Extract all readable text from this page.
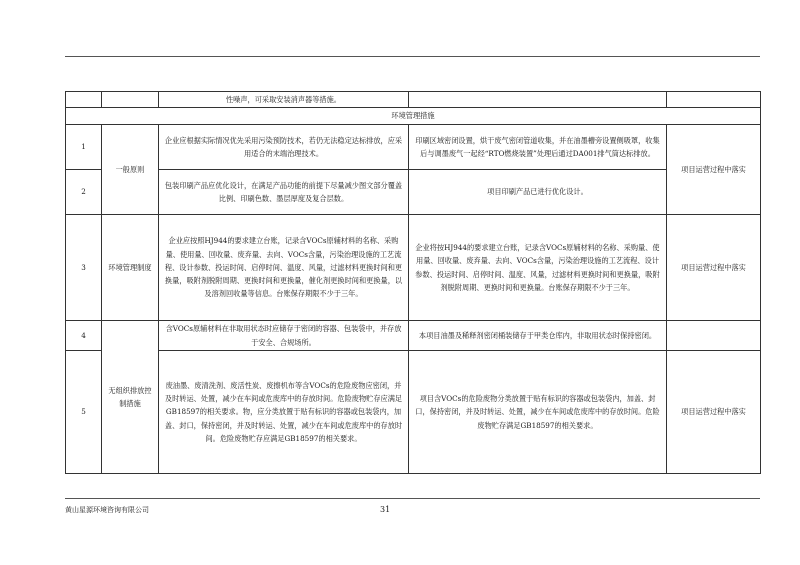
		性噪声，可采取安装消声器等措施。		
环境管理措施				
1	一般原则	企业应根据实际情况优先采用污染预防技术，若仍无法稳定达标排放，应采用适合的末端治理技术。	印刷区域密闭设置，烘干废气密闭管道收集，并在油墨槽旁设置侧吸罩，收集后与调墨废气一起经“RTO燃烧装置”处理后通过DA001排气筒达标排放。	项目运营过程中落实
2		包装印刷产品应优化设计，在满足产品功能的前提下尽量减少图文部分覆盖比例、印刷色数、墨层厚度及复合层数。	项目印刷产品已进行优化设计。	
3	环境管理制度	企业应按照HJ944的要求建立台账，记录含VOCs原辅材料的名称、采购量、使用量、回收量、废弃量、去向、VOCs含量，污染治理设施的工艺流程、设计参数、投运时间、启停时间、温度、风量，过滤材料更换时间和更换量，吸附剂脱附周期、更换时间和更换量，催化剂更换时间和更换量，以及溶剂回收量等信息。台账保存期限不少于三年。	企业将按HJ944的要求建立台账，记录含VOCs原辅材料的名称、采购量、使用量、回收量、废弃量、去向、VOCs含量，污染治理设施的工艺流程、设计参数、投运时间、启停时间、温度、风量，过滤材料更换时间和更换量，吸附剂脱附周期、更换时间和更换量。台账保存期限不少于三年。	项目运营过程中落实
4	无组织排放控制措施	含VOCs原辅材料在非取用状态时应储存于密闭的容器、包装袋中，并存放于安全、合规场所。	本项目油墨及稀释剂密闭桶装储存于甲类仓库内，非取用状态时保持密闭。	
5		废油墨、废清洗剂、废活性炭、废擦机布等含VOCs的危险废物应密闭，并及时转运、处置，减少在车间或危废库中的存放时间。危险废物贮存应满足GB18597的相关要求。物，应分类放置于贴有标识的容器或包装袋内，加盖、封口，保持密闭，并及时转运、处置，减少在车间或危废库中的存放时间。危险废物贮存应满足GB18597的相关要求。	项目含VOCs的危险废物分类放置于贴有标识的容器或包装袋内，加盖、封口，保持密闭，并及时转运、处置，减少在车间或危废库中的存放时间。危险废物贮存满足GB18597的相关要求。	项目运营过程中落实
黄山星源环境咨询有限公司	31
